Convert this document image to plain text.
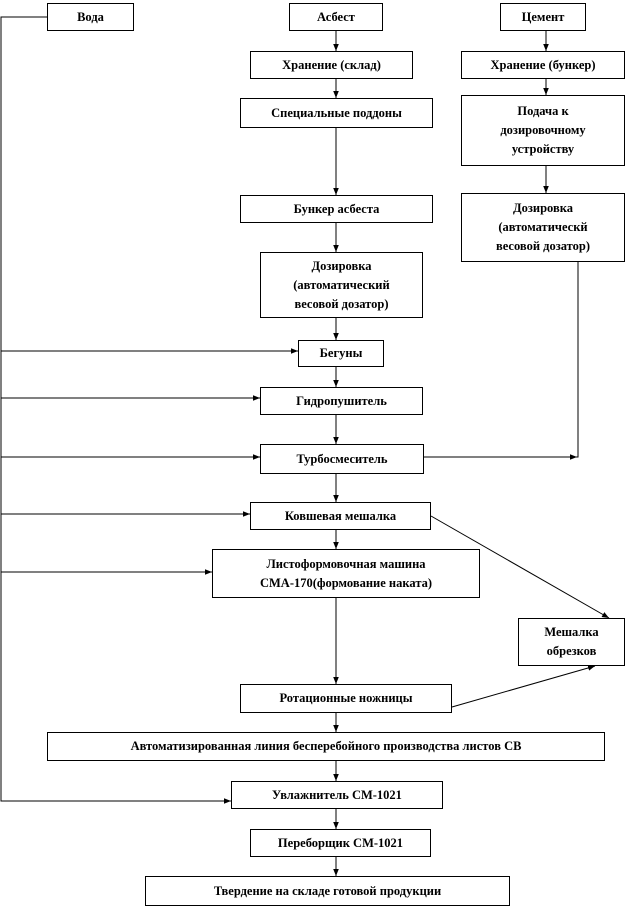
Вода	Асбест	Цемент
Хранение (склад)	Хранение (бункер)
Специальные поддоны	Подача к
дозировочному
устройству
Бункер асбеста	Дозировка
(автоматическй
весовой дозатор)
Дозировка
(автоматический
весовой дозатор)
Бегуны
Гидропушитель
Турбосмеситель
Ковшевая мешалка
Листоформовочная машина
СМА-170(формование наката)
Мешалка
обрезков
Ротационные ножницы
Автоматизированная линия бесперебойного производства листов СВ
Увлажнитель СМ-1021
Переборщик СМ-1021
Твердение на складе готовой продукции
